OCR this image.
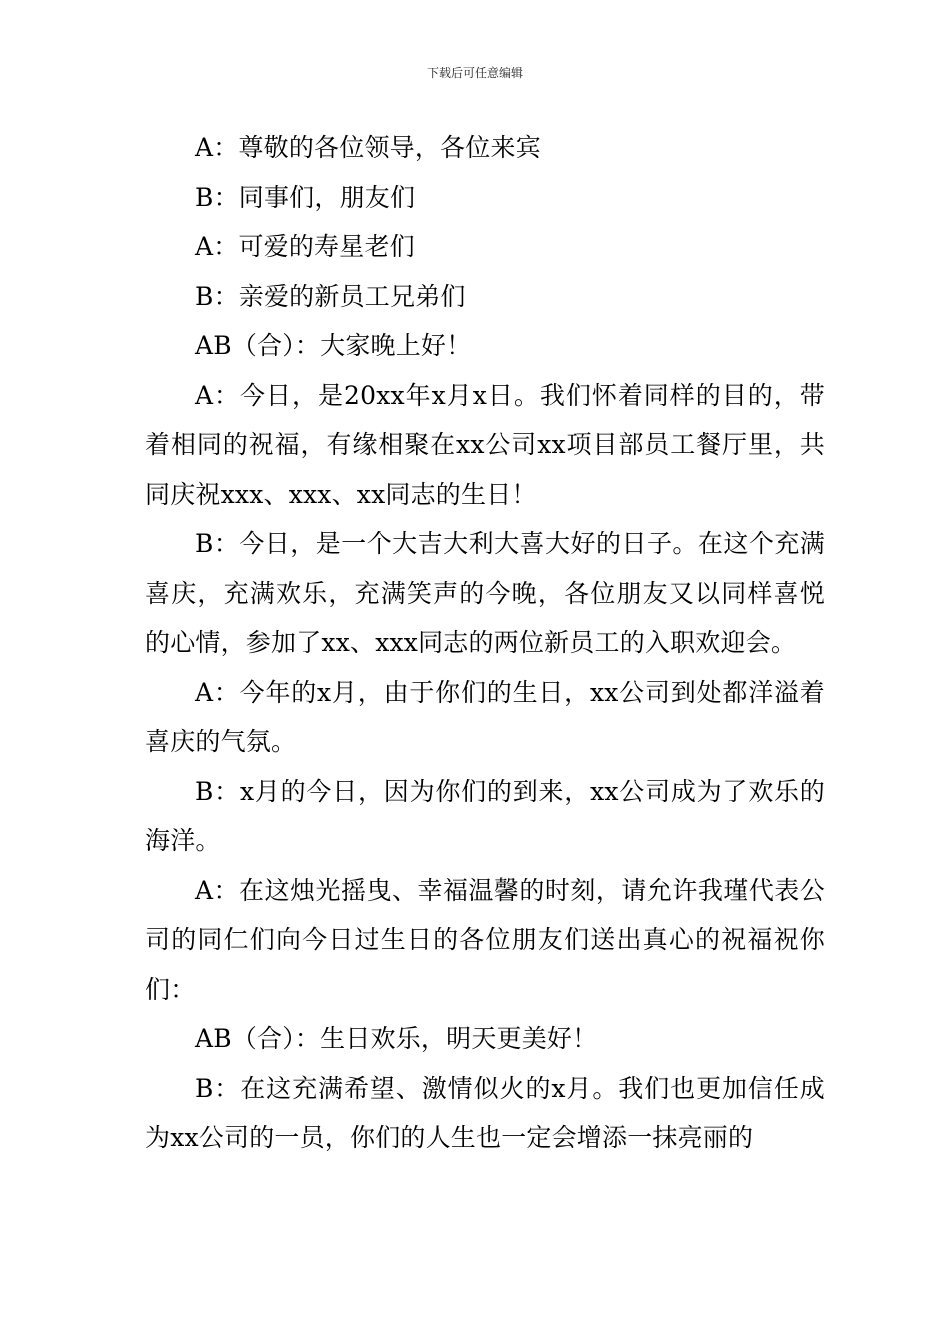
下载后可任意编辑

A：尊敬的各位领导，各位来宾

B：同事们，朋友们

A：可爱的寿星老们

B：亲爱的新员工兄弟们

AB（合）：大家晚上好！

A：今日，是20xx年x月x日。我们怀着同样的目的，带着相同的祝福，有缘相聚在xx公司xx项目部员工餐厅里，共同庆祝xxx、xxx、xx同志的生日！

B：今日，是一个大吉大利大喜大好的日子。在这个充满喜庆，充满欢乐，充满笑声的今晚，各位朋友又以同样喜悦的心情，参加了xx、xxx同志的两位新员工的入职欢迎会。

A：今年的x月，由于你们的生日，xx公司到处都洋溢着喜庆的气氛。

B：x月的今日，因为你们的到来，xx公司成为了欢乐的海洋。

A：在这烛光摇曳、幸福温馨的时刻，请允许我瑾代表公司的同仁们向今日过生日的各位朋友们送出真心的祝福祝你们：

AB（合）：生日欢乐，明天更美好！

B：在这充满希望、激情似火的x月。我们也更加信任成为xx公司的一员，你们的人生也一定会增添一抹亮丽的
